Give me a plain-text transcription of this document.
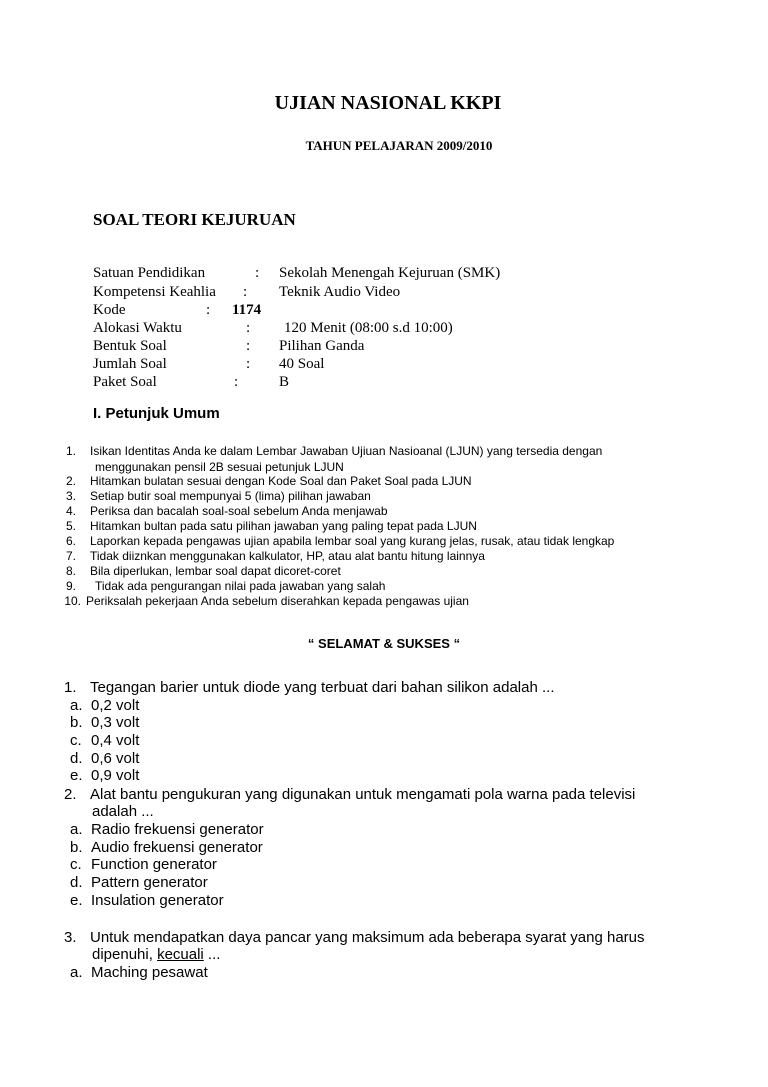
UJIAN NASIONAL KKPI
TAHUN PELAJARAN 2009/2010
SOAL TEORI KEJURUAN
Satuan Pendidikan	: Sekolah Menengah Kejuruan (SMK)
Kompetensi Keahlia : Teknik Audio Video
Kode	: 1174
Alokasi Waktu	: 120 Menit (08:00 s.d 10:00)
Bentuk Soal	: Pilihan Ganda
Jumlah Soal	: 40 Soal
Paket Soal	:	B
I. Petunjuk Umum
1. Isikan Identitas Anda ke dalam Lembar Jawaban Ujiuan Nasioanal (LJUN) yang tersedia dengan
menggunakan pensil 2B sesuai petunjuk LJUN
2. Hitamkan bulatan sesuai dengan Kode Soal dan Paket Soal pada LJUN
3. Setiap butir soal mempunyai 5 (lima) pilihan jawaban
4. Periksa dan bacalah soal-soal sebelum Anda menjawab
5. Hitamkan bultan pada satu pilihan jawaban yang paling tepat pada LJUN
6. Laporkan kepada pengawas ujian apabila lembar soal yang kurang jelas, rusak, atau tidak lengkap
7. Tidak diiznkan menggunakan kalkulator, HP, atau alat bantu hitung lainnya
8. Bila diperlukan, lembar soal dapat dicoret-coret
9. Tidak ada pengurangan nilai pada jawaban yang salah
10. Periksalah pekerjaan Anda sebelum diserahkan kepada pengawas ujian
“ SELAMAT & SUKSES “
1. Tegangan barier untuk diode yang terbuat dari bahan silikon adalah ...
a. 0,2 volt
b. 0,3 volt
c. 0,4 volt
d. 0,6 volt
e. 0,9 volt
2. Alat bantu pengukuran yang digunakan untuk mengamati pola warna pada televisi
adalah ...
a. Radio frekuensi generator
b. Audio frekuensi generator
c. Function generator
d. Pattern generator
e. Insulation generator
3. Untuk mendapatkan daya pancar yang maksimum ada beberapa syarat yang harus
dipenuhi, kecuali ...
a. Maching pesawat
